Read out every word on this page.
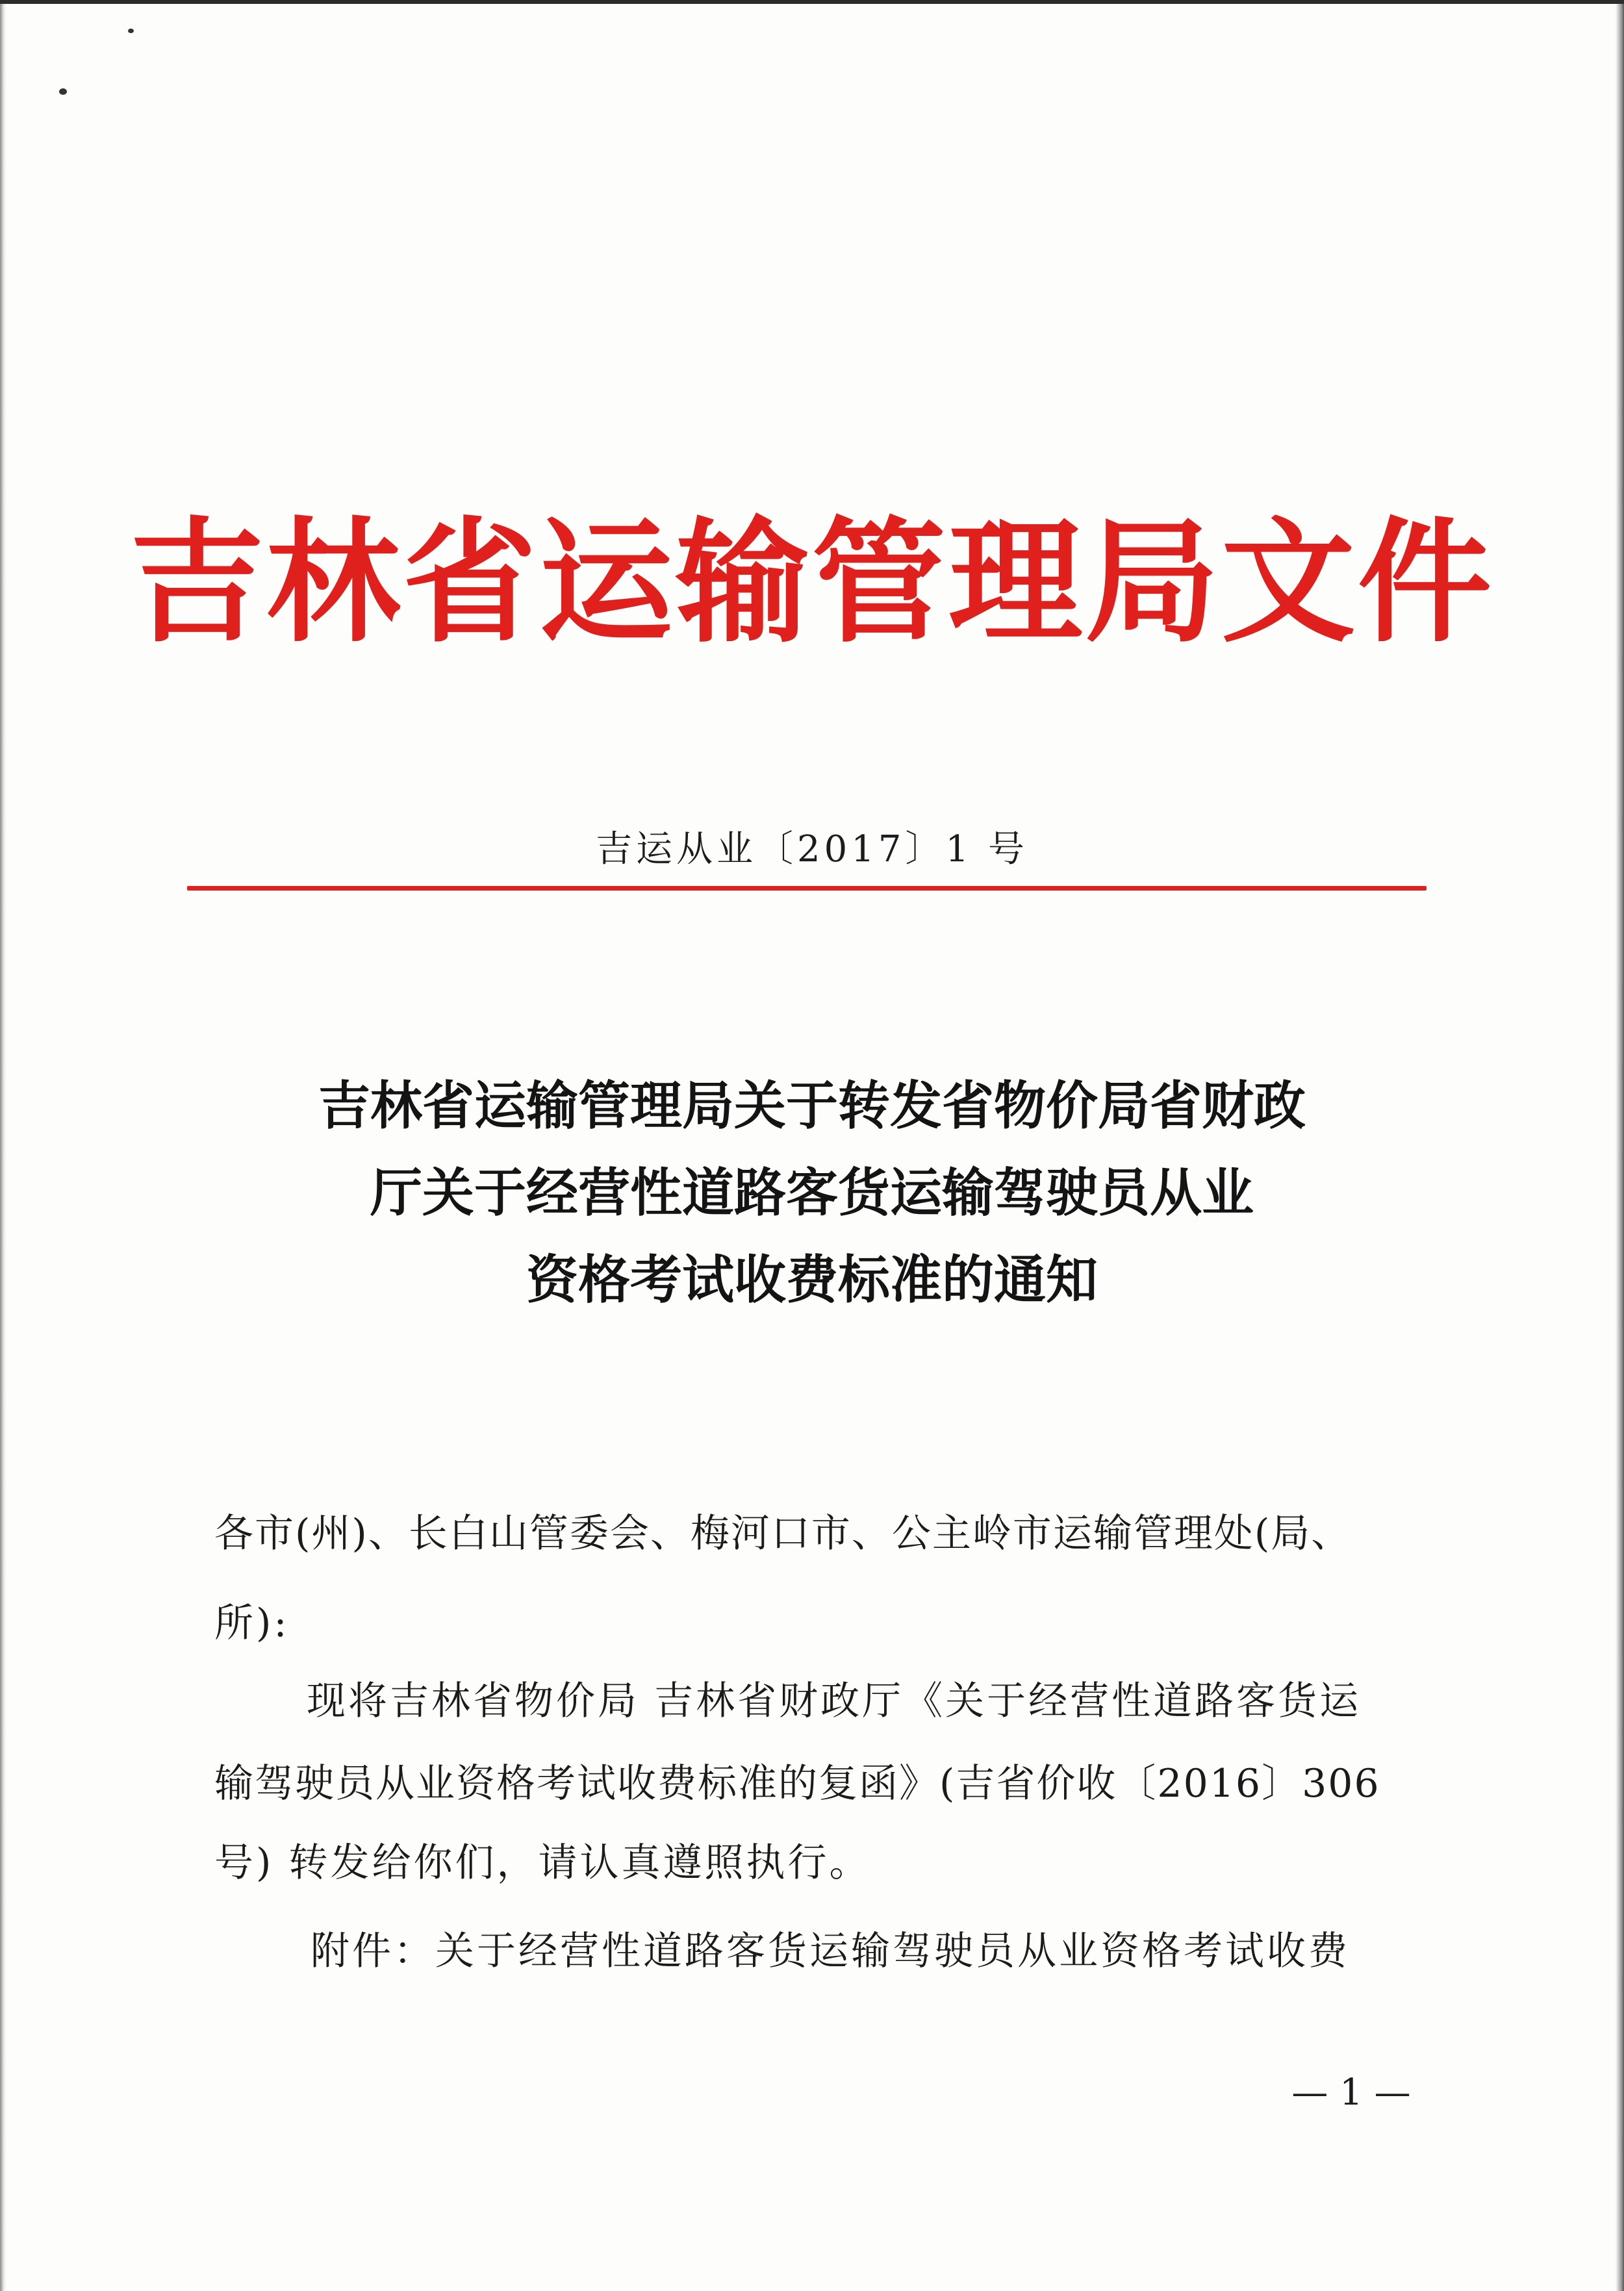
吉林省运输管理局文件
吉运从业〔2017〕1 号
吉林省运输管理局关于转发省物价局省财政
厅关于经营性道路客货运输驾驶员从业
资格考试收费标准的通知
各市(州)、长白山管委会、梅河口市、公主岭市运输管理处(局、
所):
现将吉林省物价局 吉林省财政厅《关于经营性道路客货运
输驾驶员从业资格考试收费标准的复函》(吉省价收〔2016〕306
号) 转发给你们，请认真遵照执行。
附件：关于经营性道路客货运输驾驶员从业资格考试收费
— 1 —
